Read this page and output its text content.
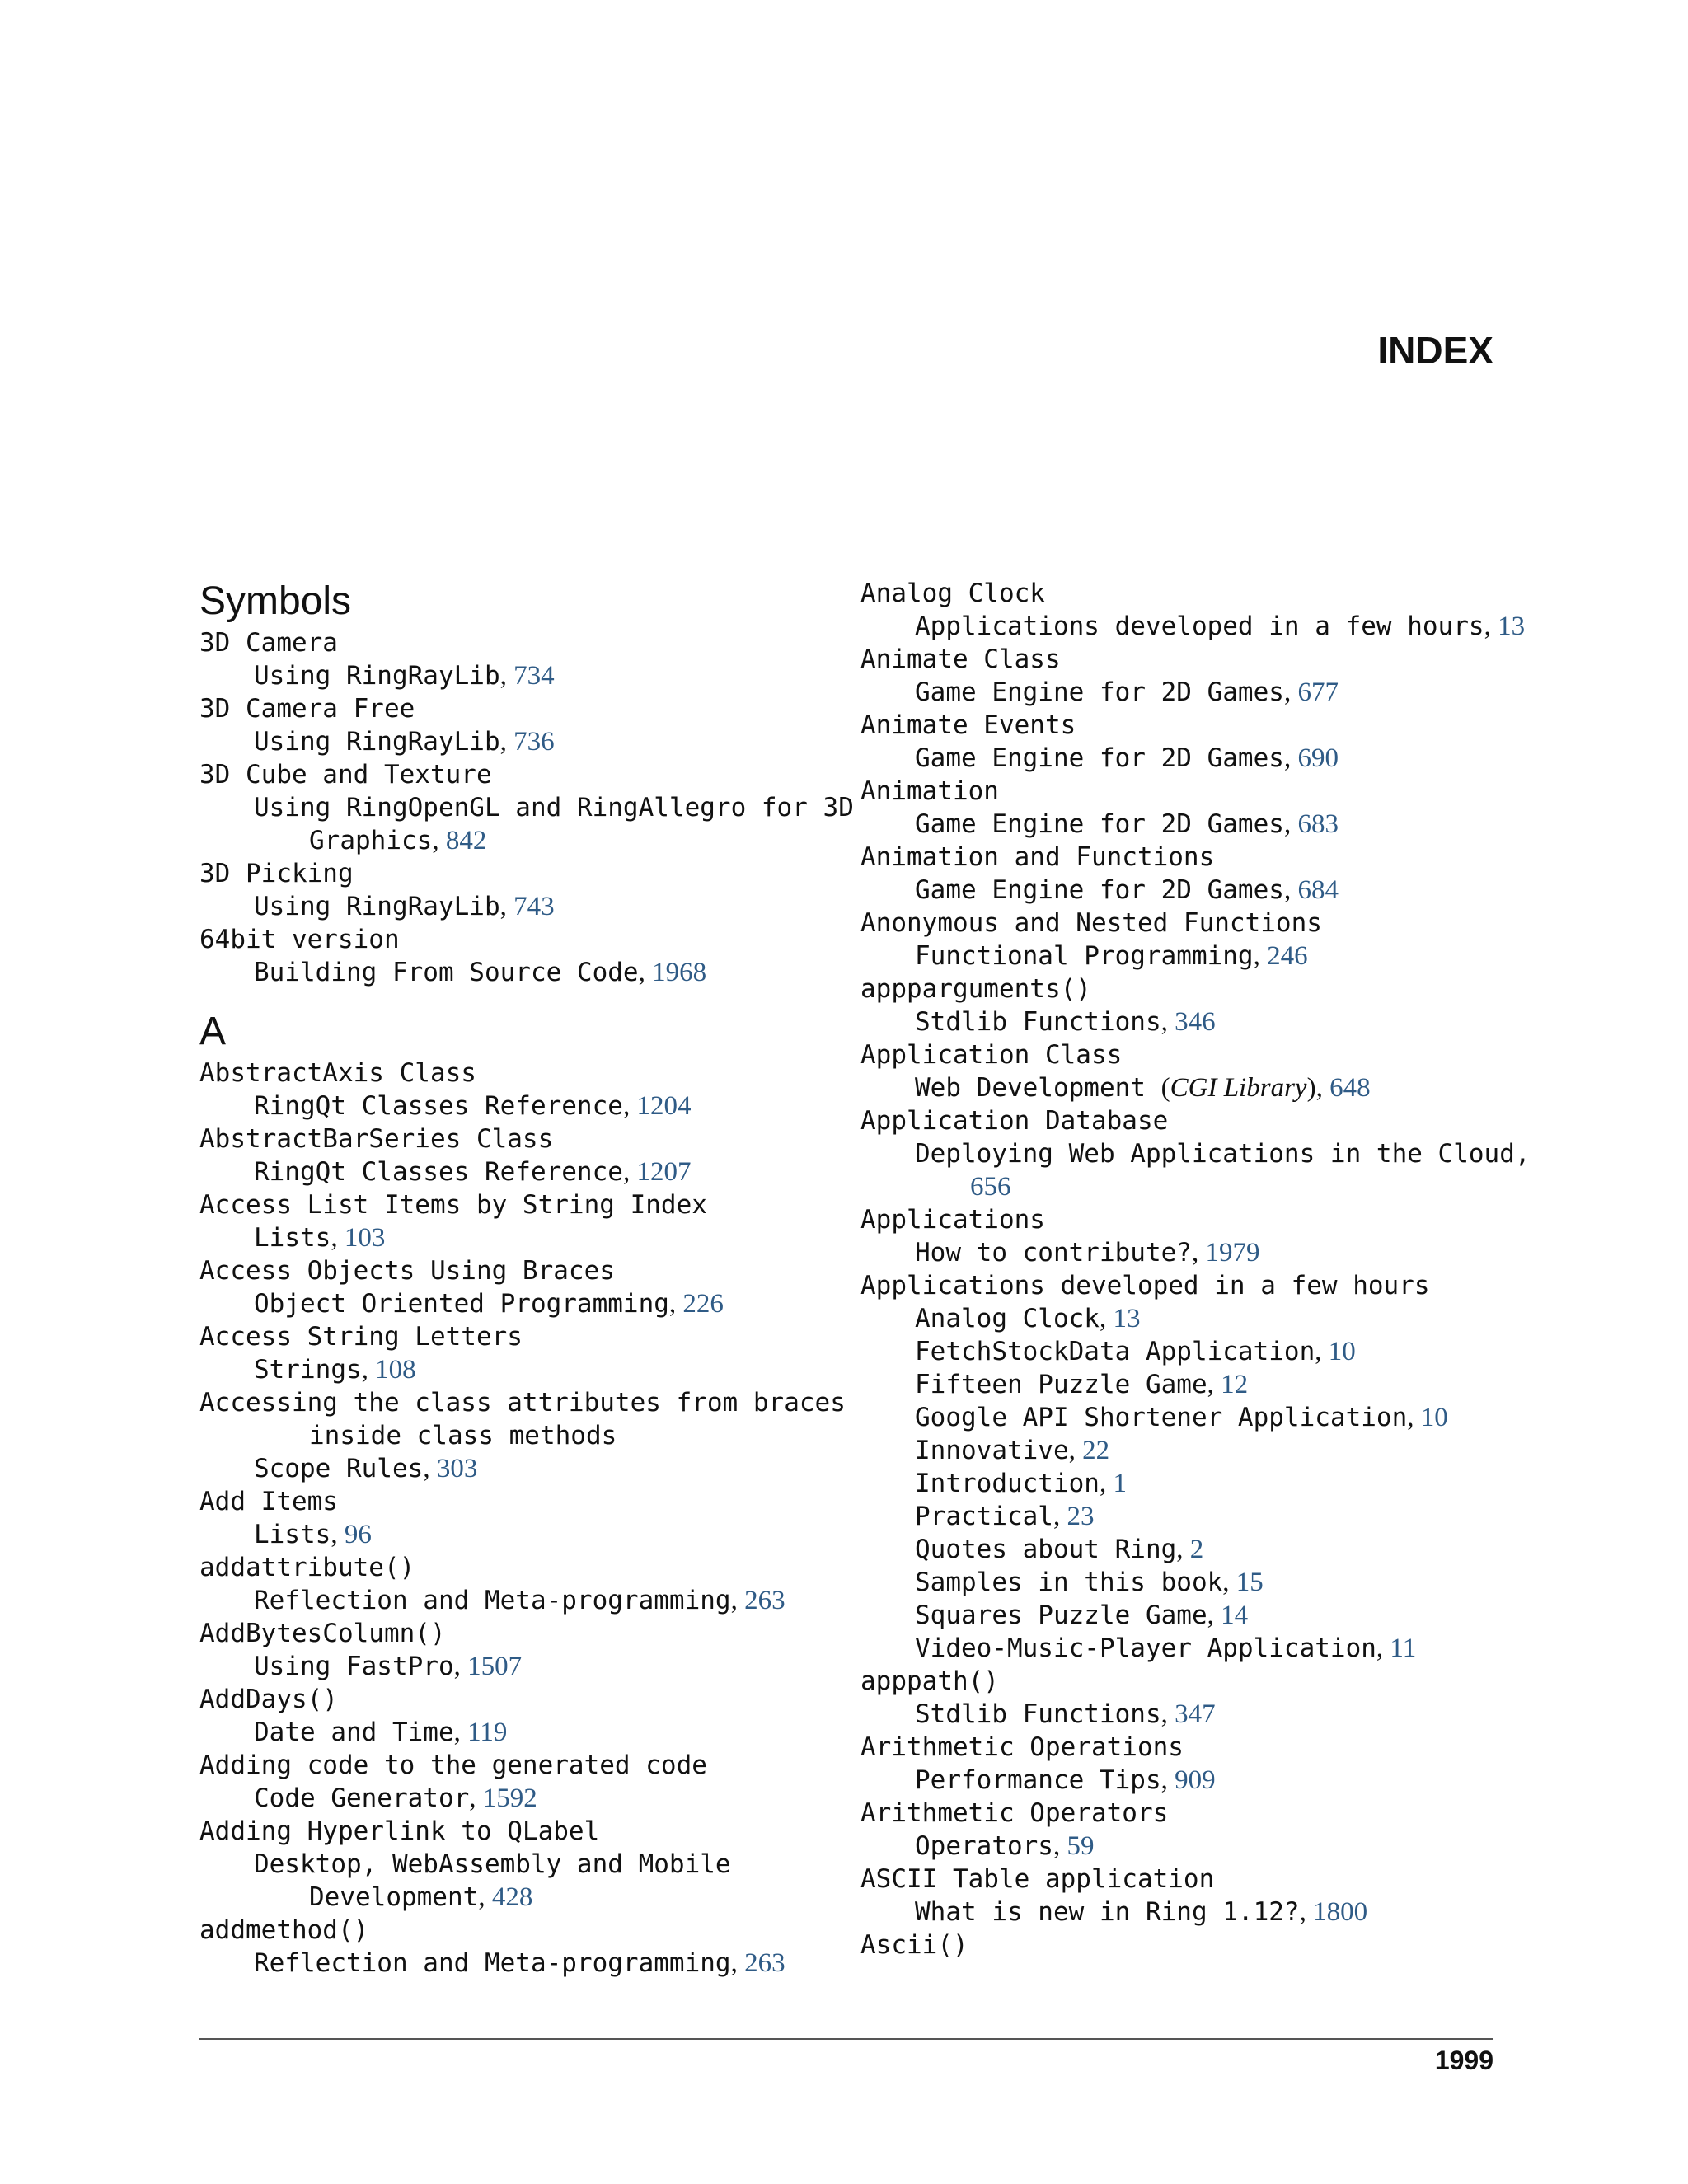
INDEX
Symbols
3D Camera
Using RingRayLib, 734
3D Camera Free
Using RingRayLib, 736
3D Cube and Texture
Using RingOpenGL and RingAllegro for 3D
Graphics, 842
3D Picking
Using RingRayLib, 743
64bit version
Building From Source Code, 1968
A
AbstractAxis Class
RingQt Classes Reference, 1204
AbstractBarSeries Class
RingQt Classes Reference, 1207
Access List Items by String Index
Lists, 103
Access Objects Using Braces
Object Oriented Programming, 226
Access String Letters
Strings, 108
Accessing the class attributes from braces
inside class methods
Scope Rules, 303
Add Items
Lists, 96
addattribute()
Reflection and Meta-programming, 263
AddBytesColumn()
Using FastPro, 1507
AddDays()
Date and Time, 119
Adding code to the generated code
Code Generator, 1592
Adding Hyperlink to QLabel
Desktop, WebAssembly and Mobile
Development, 428
addmethod()
Reflection and Meta-programming, 263
Analog Clock
Applications developed in a few hours, 13
Animate Class
Game Engine for 2D Games, 677
Animate Events
Game Engine for 2D Games, 690
Animation
Game Engine for 2D Games, 683
Animation and Functions
Game Engine for 2D Games, 684
Anonymous and Nested Functions
Functional Programming, 246
appparguments()
Stdlib Functions, 346
Application Class
Web Development (CGI Library), 648
Application Database
Deploying Web Applications in the Cloud,
656
Applications
How to contribute?, 1979
Applications developed in a few hours
Analog Clock, 13
FetchStockData Application, 10
Fifteen Puzzle Game, 12
Google API Shortener Application, 10
Innovative, 22
Introduction, 1
Practical, 23
Quotes about Ring, 2
Samples in this book, 15
Squares Puzzle Game, 14
Video-Music-Player Application, 11
apppath()
Stdlib Functions, 347
Arithmetic Operations
Performance Tips, 909
Arithmetic Operators
Operators, 59
ASCII Table application
What is new in Ring 1.12?, 1800
Ascii()
1999
